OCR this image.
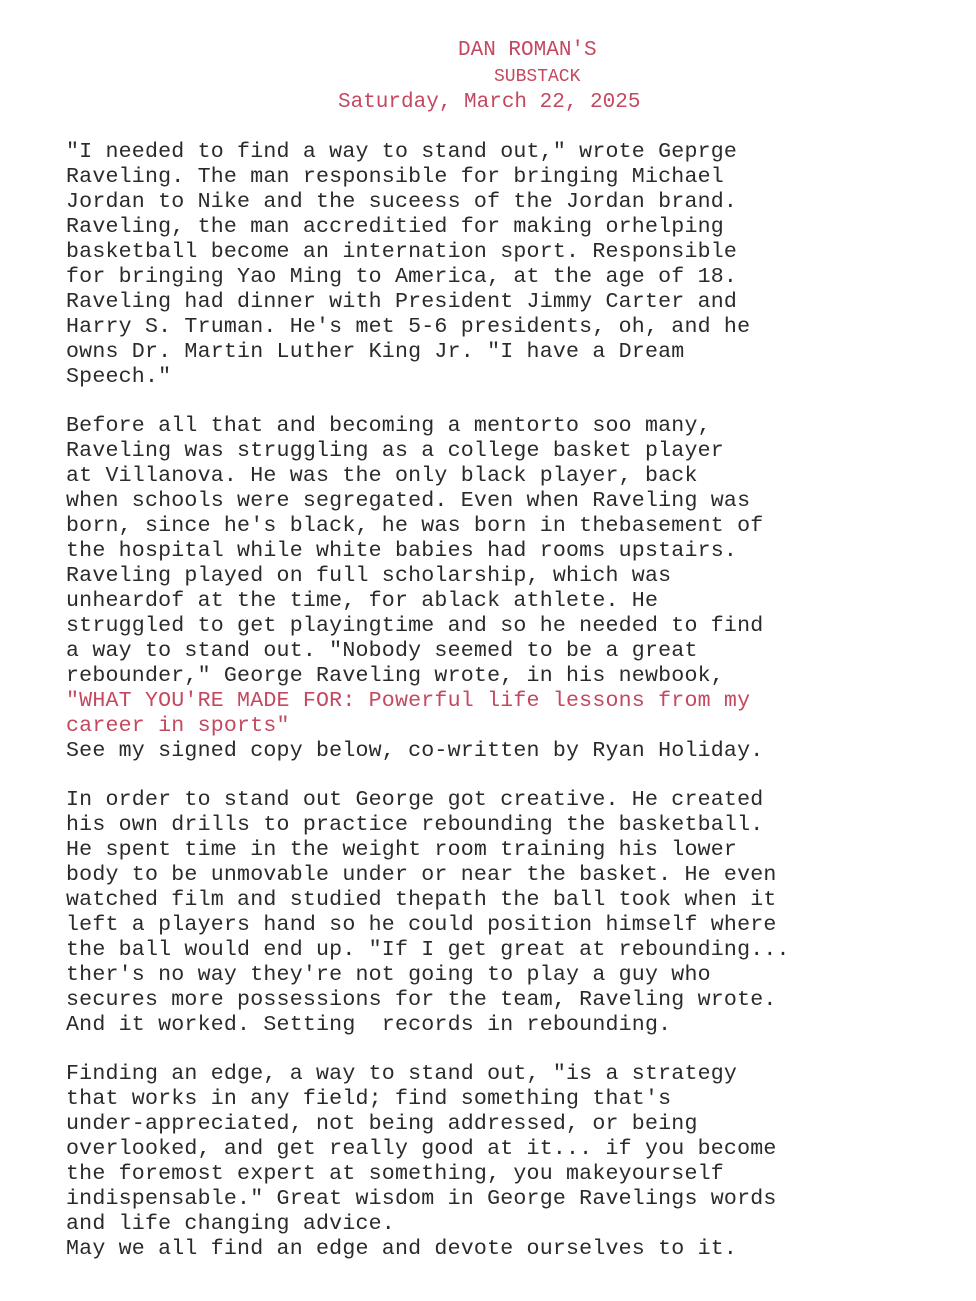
DAN ROMAN'S
SUBSTACK
Saturday, March 22, 2025
"I needed to find a way to stand out," wrote Geprge
Raveling. The man responsible for bringing Michael
Jordan to Nike and the suceess of the Jordan brand.
Raveling, the man accreditied for making orhelping
basketball become an internation sport. Responsible
for bringing Yao Ming to America, at the age of 18.
Raveling had dinner with President Jimmy Carter and
Harry S. Truman. He's met 5-6 presidents, oh, and he
owns Dr. Martin Luther King Jr. "I have a Dream
Speech."
Before all that and becoming a mentorto soo many,
Raveling was struggling as a college basket player
at Villanova. He was the only black player, back
when schools were segregated. Even when Raveling was
born, since he's black, he was born in thebasement of
the hospital while white babies had rooms upstairs.
Raveling played on full scholarship, which was
unheardof at the time, for ablack athlete. He
struggled to get playingtime and so he needed to find
a way to stand out. "Nobody seemed to be a great
rebounder," George Raveling wrote, in his newbook,
"WHAT YOU'RE MADE FOR: Powerful life lessons from my
career in sports"
See my signed copy below, co-written by Ryan Holiday.
In order to stand out George got creative. He created
his own drills to practice rebounding the basketball.
He spent time in the weight room training his lower
body to be unmovable under or near the basket. He even
watched film and studied thepath the ball took when it
left a players hand so he could position himself where
the ball would end up. "If I get great at rebounding...
ther's no way they're not going to play a guy who
secures more possessions for the team, Raveling wrote.
And it worked. Setting  records in rebounding.
Finding an edge, a way to stand out, "is a strategy
that works in any field; find something that's
under-appreciated, not being addressed, or being
overlooked, and get really good at it... if you become
the foremost expert at something, you makeyourself
indispensable." Great wisdom in George Ravelings words
and life changing advice.
May we all find an edge and devote ourselves to it.
